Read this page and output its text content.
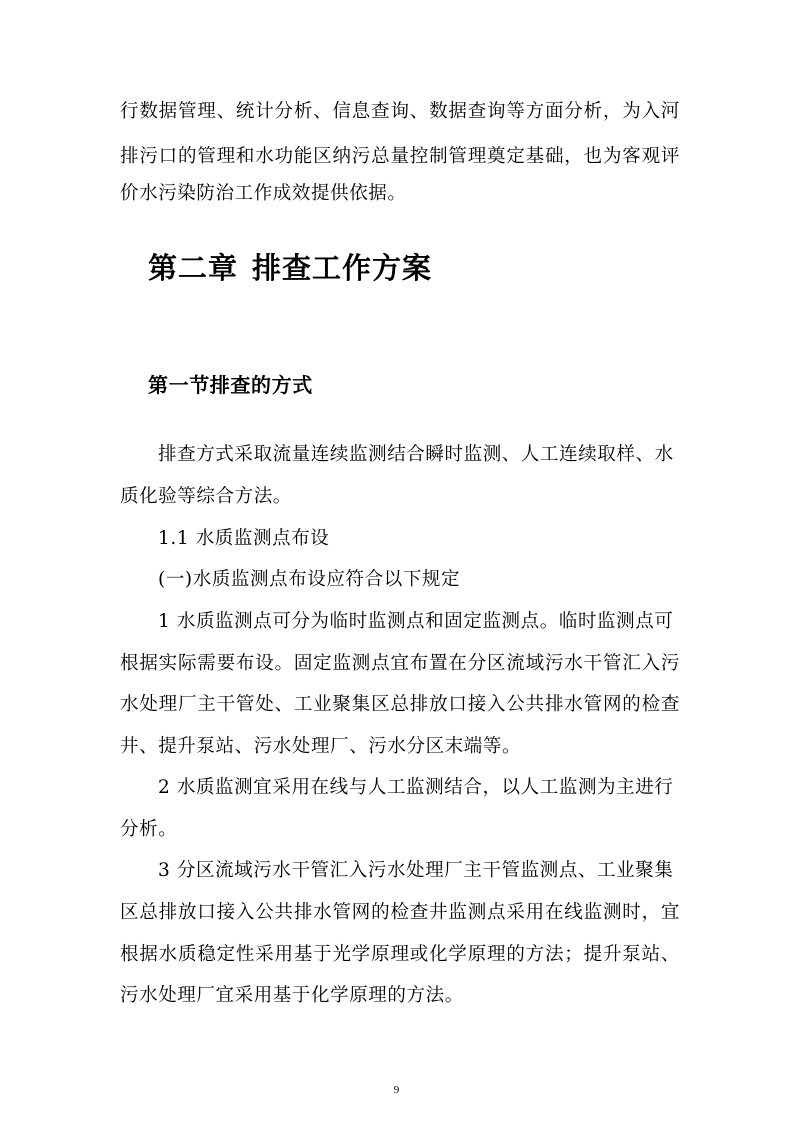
行数据管理、统计分析、信息查询、数据查询等方面分析，为入河
排污口的管理和水功能区纳污总量控制管理奠定基础，也为客观评
价水污染防治工作成效提供依据。
第二章 排查工作方案
第一节排查的方式
排查方式采取流量连续监测结合瞬时监测、人工连续取样、水
质化验等综合方法。
1.1 水质监测点布设
(一)水质监测点布设应符合以下规定
1 水质监测点可分为临时监测点和固定监测点。临时监测点可
根据实际需要布设。固定监测点宜布置在分区流域污水干管汇入污
水处理厂主干管处、工业聚集区总排放口接入公共排水管网的检查
井、提升泵站、污水处理厂、污水分区末端等。
2 水质监测宜采用在线与人工监测结合，以人工监测为主进行
分析。
3 分区流域污水干管汇入污水处理厂主干管监测点、工业聚集
区总排放口接入公共排水管网的检查井监测点采用在线监测时，宜
根据水质稳定性采用基于光学原理或化学原理的方法；提升泵站、
污水处理厂宜采用基于化学原理的方法。
9
